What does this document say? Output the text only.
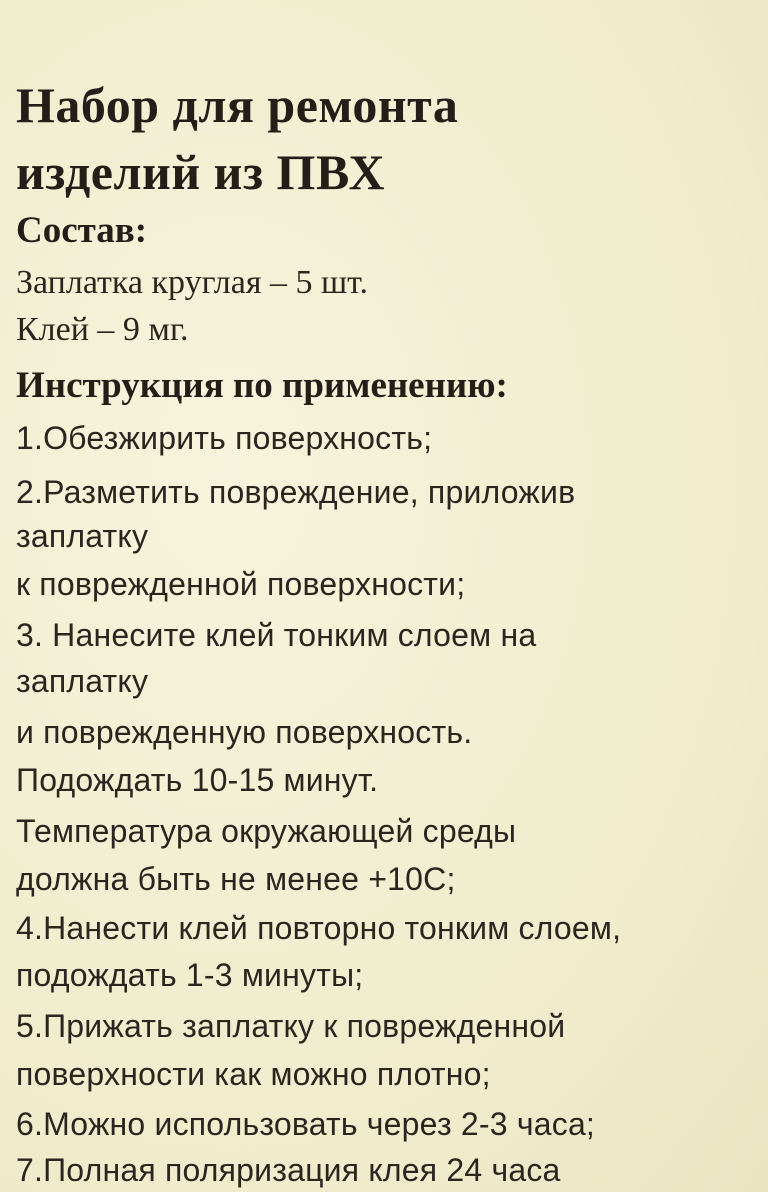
Набор для ремонта

изделий из ПВХ

Состав:

Заплатка круглая – 5 шт.

Клей – 9 мг.

Инструкция по применению:

1.Обезжирить поверхность;

2.Разметить повреждение, приложив

заплатку

к поврежденной поверхности;

3. Нанесите клей тонким слоем на

заплатку

и поврежденную поверхность.

Подождать 10-15 минут.

Температура окружающей среды

должна быть не менее +10С;

4.Нанести клей повторно тонким слоем,

подождать 1-3 минуты;

5.Прижать заплатку к поврежденной

поверхности как можно плотно;

6.Можно использовать через 2-3 часа;

7.Полная поляризация клея 24 часа
